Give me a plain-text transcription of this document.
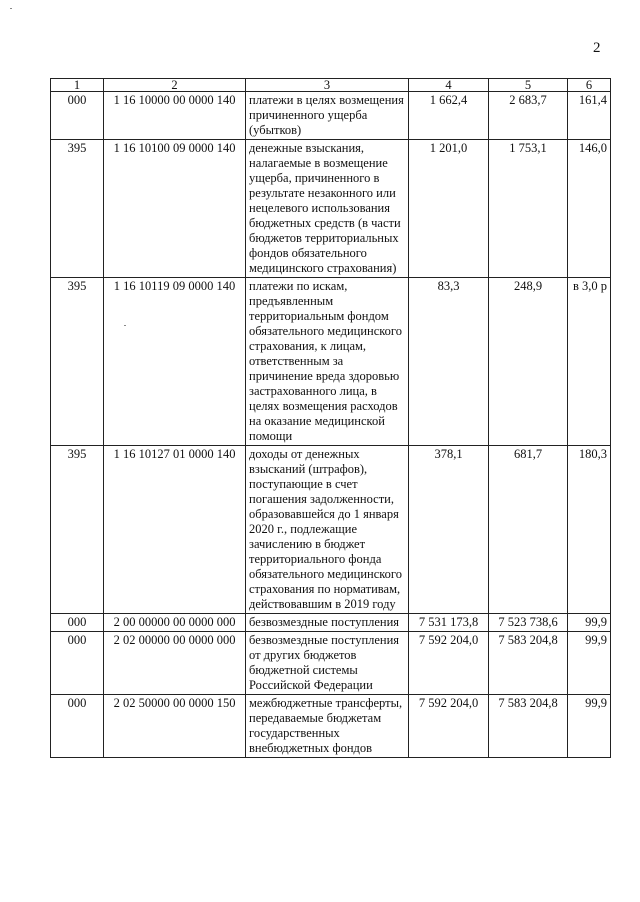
2
1	2	3	4	5	6
000	1 16 10000 00 0000 140	платежи в целях возмещения причиненного ущерба (убытков)	1 662,4	2 683,7	161,4
395	1 16 10100 09 0000 140	денежные взыскания, налагаемые в возмещение ущерба, причиненного в результате незаконного или нецелевого использования бюджетных средств (в части бюджетов территориальных фондов обязательного медицинского страхования)	1 201,0	1 753,1	146,0
395	1 16 10119 09 0000 140	платежи по искам, предъявленным территориальным фондом обязательного медицинского страхования, к лицам, ответственным за причинение вреда здоровью застрахованного лица, в целях возмещения расходов на оказание медицинской помощи	83,3	248,9	в 3,0 р
395	1 16 10127 01 0000 140	доходы от денежных взысканий (штрафов), поступающие в счет погашения задолженности, образовавшейся до 1 января 2020 г., подлежащие зачислению в бюджет территориального фонда обязательного медицинского страхования по нормативам, действовавшим в 2019 году	378,1	681,7	180,3
000	2 00 00000 00 0000 000	безвозмездные поступления	7 531 173,8	7 523 738,6	99,9
000	2 02 00000 00 0000 000	безвозмездные поступления от других бюджетов бюджетной системы Российской Федерации	7 592 204,0	7 583 204,8	99,9
000	2 02 50000 00 0000 150	межбюджетные трансферты, передаваемые бюджетам государственных внебюджетных фондов	7 592 204,0	7 583 204,8	99,9
